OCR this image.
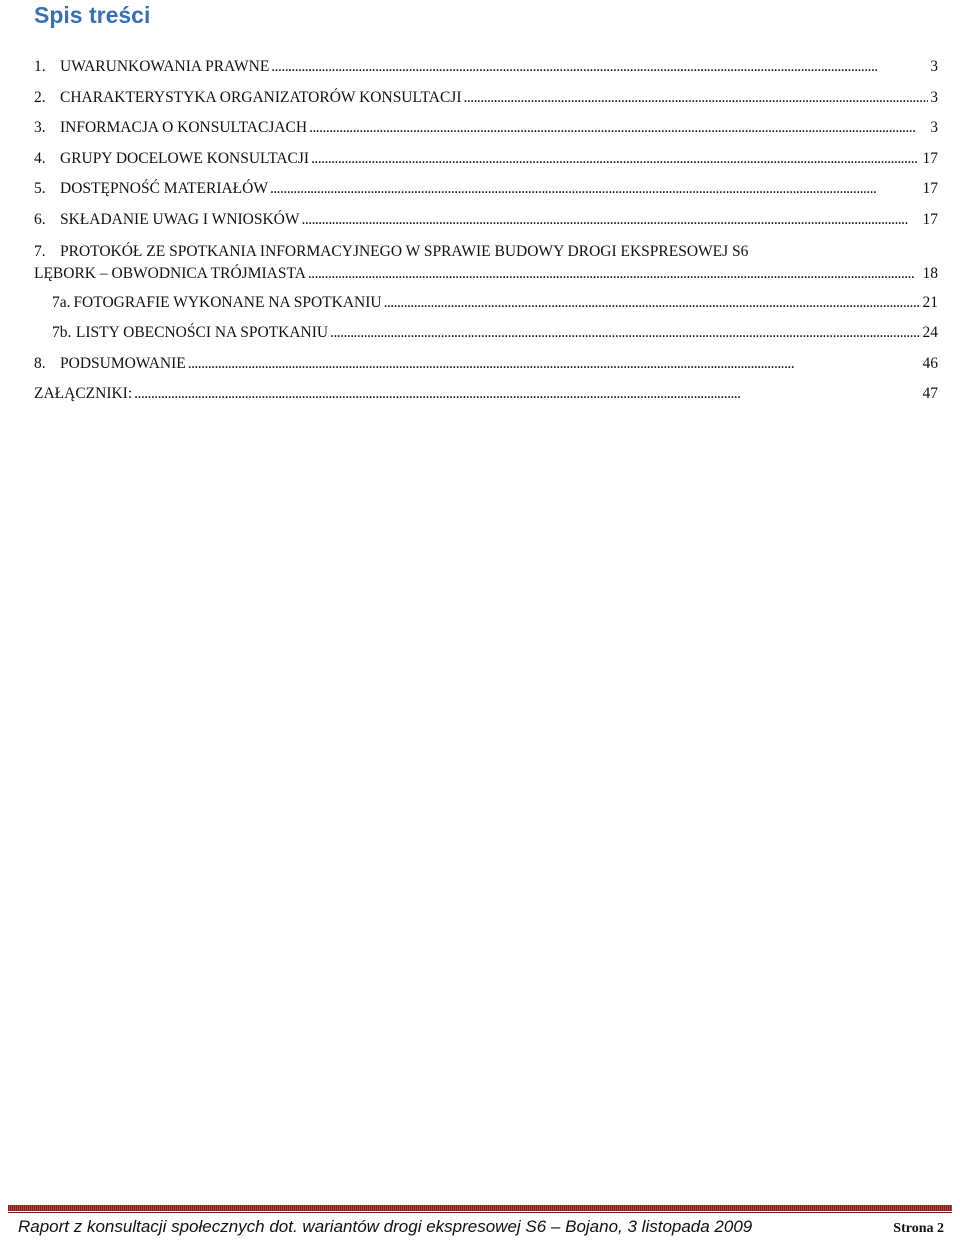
Spis treści
1. UWARUNKOWANIA PRAWNE . . .	3
2. CHARAKTERYSTYKA ORGANIZATORÓW KONSULTACJI . . .	3
3. INFORMACJA O KONSULTACJACH . . .	3
4. GRUPY DOCELOWE KONSULTACJI . . .	17
5. DOSTĘPNOŚĆ MATERIAŁÓW . . .	17
6. SKŁADANIE UWAG I WNIOSKÓW . . .	17
7. PROTOKÓŁ ZE SPOTKANIA INFORMACYJNEGO W SPRAWIE BUDOWY DROGI EKSPRESOWEJ S6
LĘBORK – OBWODNICA TRÓJMIASTA . . .	18
7a. FOTOGRAFIE WYKONANE NA SPOTKANIU . . .	21
7b. LISTY OBECNOŚCI NA SPOTKANIU . . .	24
8. PODSUMOWANIE . . .	46
ZAŁĄCZNIKI: . . .	47
Raport z konsultacji społecznych dot. wariantów drogi ekspresowej S6 – Bojano, 3 listopada 2009	Strona 2
